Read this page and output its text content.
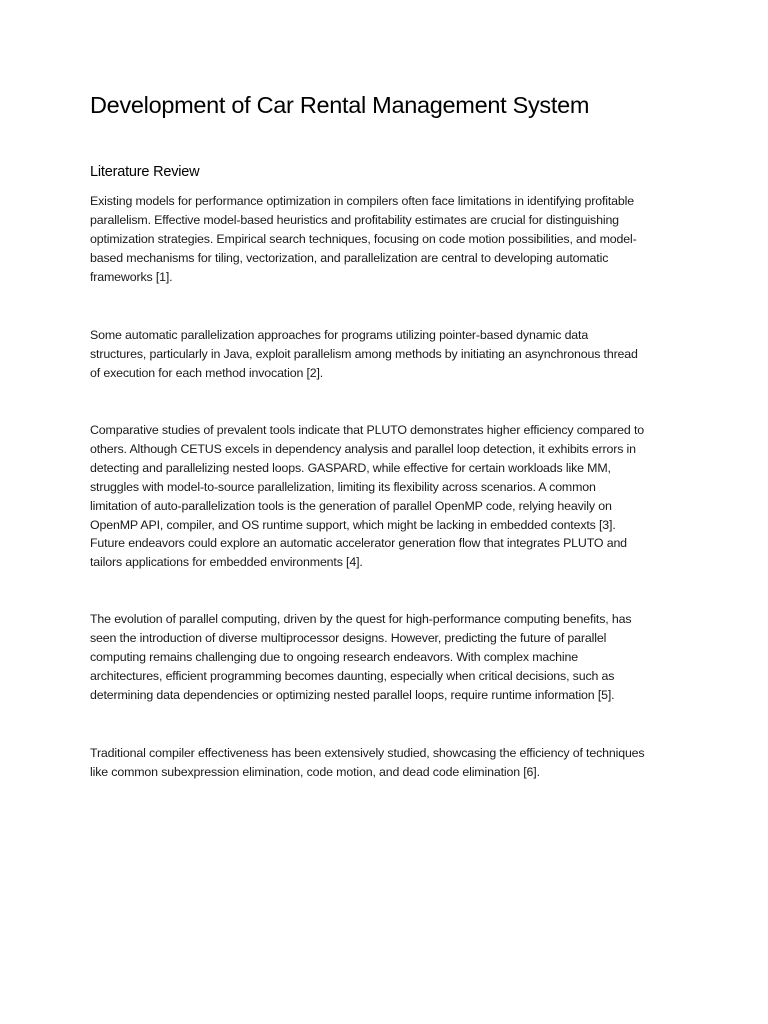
Development of Car Rental Management System
Literature Review

Existing models for performance optimization in compilers often face limitations in identifying profitable
parallelism. Effective model-based heuristics and profitability estimates are crucial for distinguishing
optimization strategies. Empirical search techniques, focusing on code motion possibilities, and model-
based mechanisms for tiling, vectorization, and parallelization are central to developing automatic
frameworks [1].

Some automatic parallelization approaches for programs utilizing pointer-based dynamic data
structures, particularly in Java, exploit parallelism among methods by initiating an asynchronous thread
of execution for each method invocation [2].

Comparative studies of prevalent tools indicate that PLUTO demonstrates higher efficiency compared to
others. Although CETUS excels in dependency analysis and parallel loop detection, it exhibits errors in
detecting and parallelizing nested loops. GASPARD, while effective for certain workloads like MM,
struggles with model-to-source parallelization, limiting its flexibility across scenarios. A common
limitation of auto-parallelization tools is the generation of parallel OpenMP code, relying heavily on
OpenMP API, compiler, and OS runtime support, which might be lacking in embedded contexts [3].
Future endeavors could explore an automatic accelerator generation flow that integrates PLUTO and
tailors applications for embedded environments [4].

The evolution of parallel computing, driven by the quest for high-performance computing benefits, has
seen the introduction of diverse multiprocessor designs. However, predicting the future of parallel
computing remains challenging due to ongoing research endeavors. With complex machine
architectures, efficient programming becomes daunting, especially when critical decisions, such as
determining data dependencies or optimizing nested parallel loops, require runtime information [5].

Traditional compiler effectiveness has been extensively studied, showcasing the efficiency of techniques
like common subexpression elimination, code motion, and dead code elimination [6].
